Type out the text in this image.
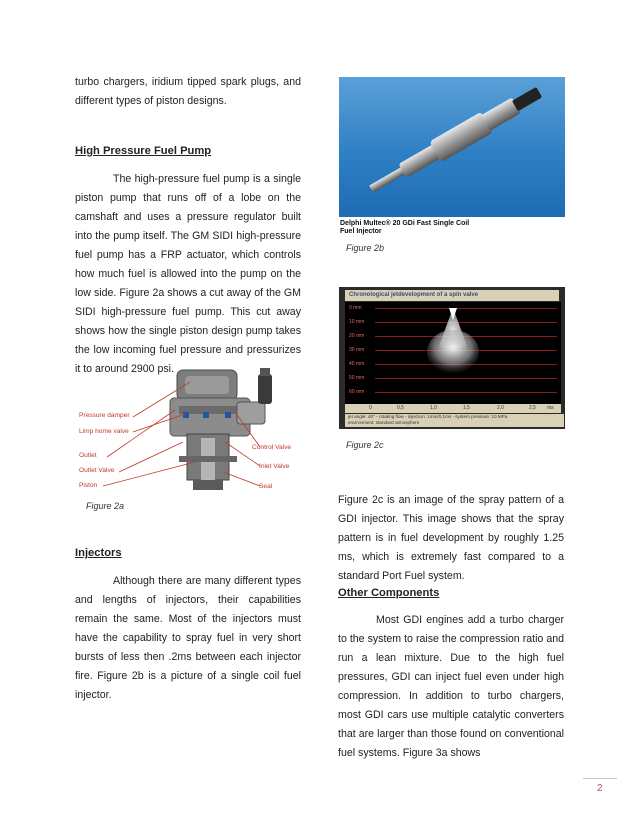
turbo chargers, iridium tipped spark plugs, and different types of piston designs.
High Pressure Fuel Pump
The high-pressure fuel pump is a single piston pump that runs off of a lobe on the camshaft and uses a pressure regulator built into the pump itself. The GM SIDI high-pressure fuel pump has a FRP actuator, which controls how much fuel is allowed into the pump on the low side. Figure 2a shows a cut away of the GM SIDI high-pressure fuel pump. This cut away shows how the single piston design pump takes the low incoming fuel pressure and pressurizes it to around 2900 psi.
Pressure damper
Limp home valve
Outlet
Outlet Valve
Piston
Control Valve
Inlet Valve
Seal
Figure 2a
Injectors
Although there are many different types and lengths of injectors, their capabilities remain the same. Most of the injectors must have the capability to spray fuel in very short bursts of less then .2ms between each injector fire. Figure 2b is a picture of a single coil fuel injector.
Delphi Multec® 20 GDi Fast Single Coil
Fuel Injector
Figure 2b
Chronological jetdevelopment of a spin valve
0 mm
10 mm
20 mm
30 mm
40 mm
50 mm
60 mm
0	0,5	1,0	1,5	2,0	2,5 ms
jet angle: 40° - rotating flow - injection: 1mm/0.1ms - system pressure: 10 MPa
environment: standard atmosphere
Figure 2c
Figure 2c is an image of the spray pattern of a GDI injector. This image shows that the spray pattern is in fuel development by roughly 1.25 ms, which is extremely fast compared to a standard Port Fuel system.
Other Components
Most GDI engines add a turbo charger to the system to raise the compression ratio and run a lean mixture. Due to the high fuel pressures, GDI can inject fuel even under high compression. In addition to turbo chargers, most GDI cars use multiple catalytic converters that are larger than those found on conventional fuel systems. Figure 3a shows
2
